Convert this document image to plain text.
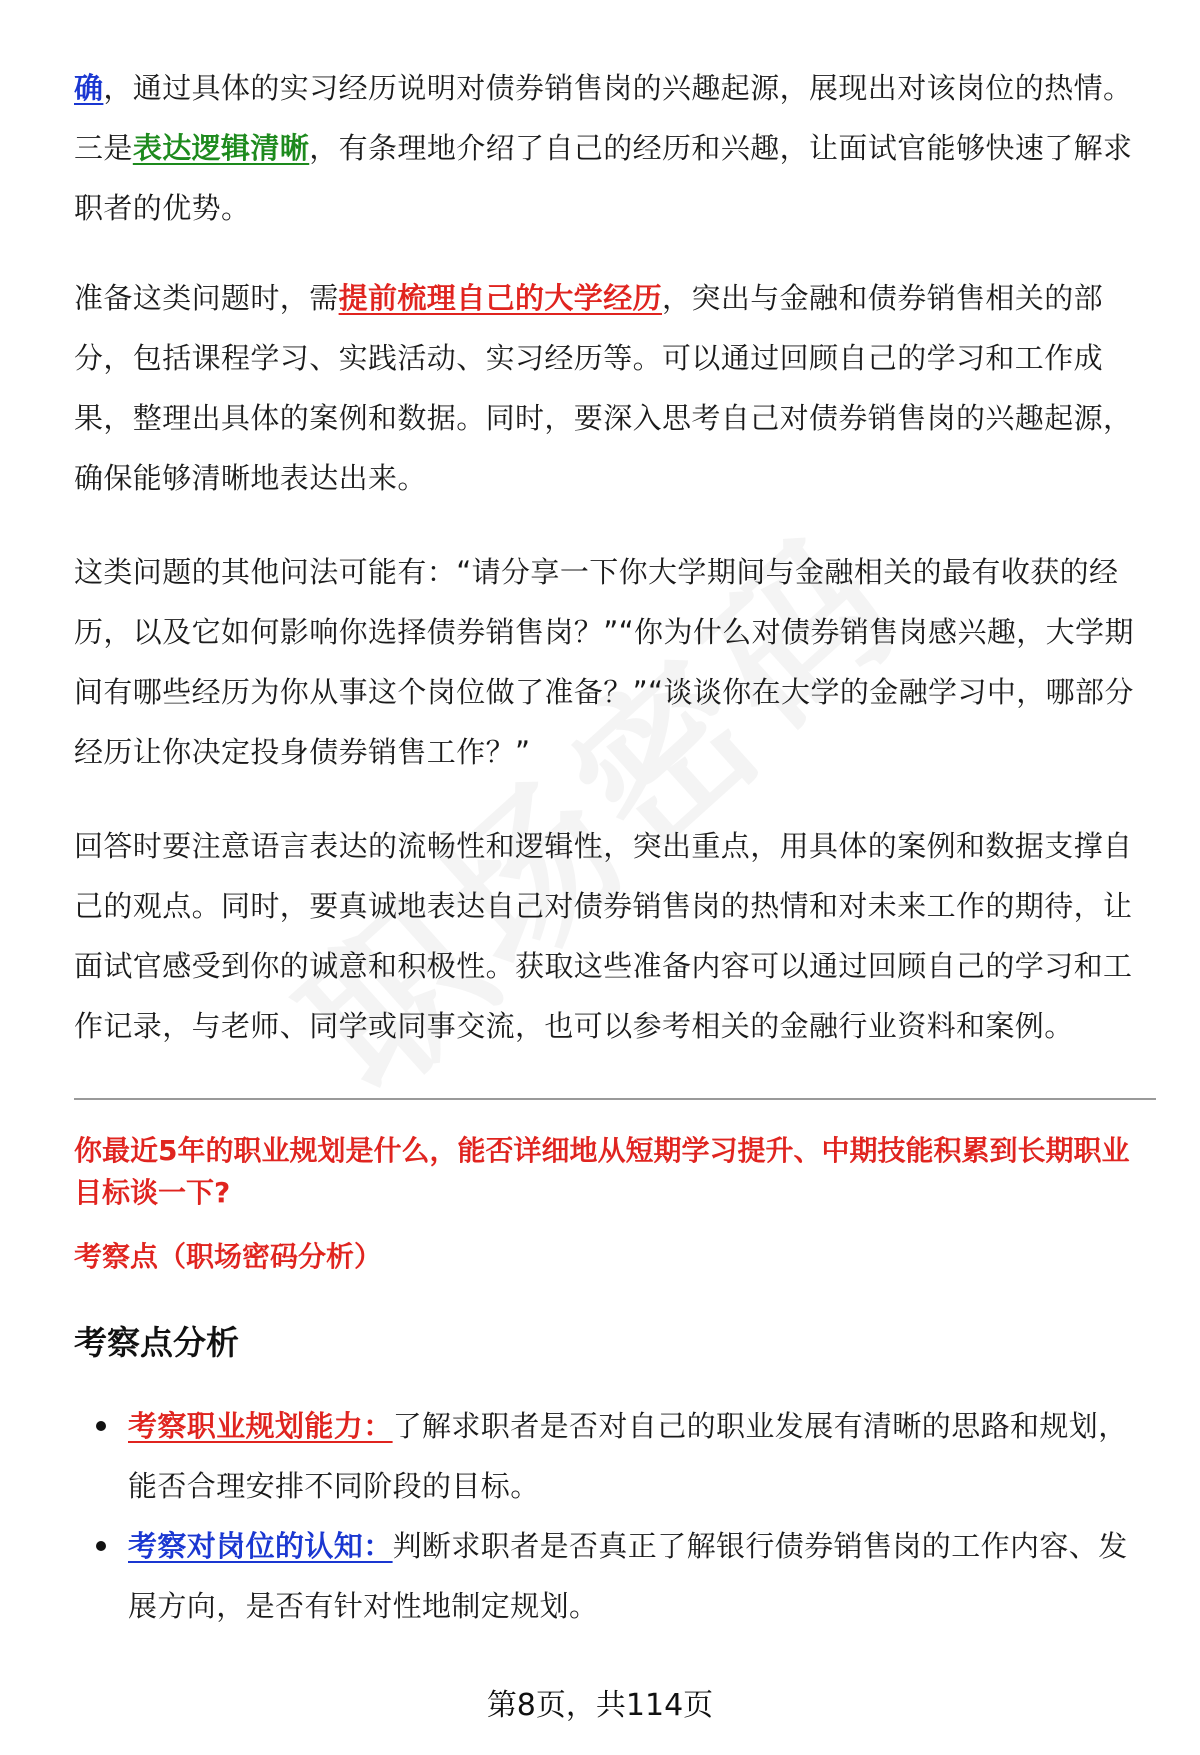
确，通过具体的实习经历说明对债券销售岗的兴趣起源，展现出对该岗位的热情。三是表达逻辑清晰，有条理地介绍了自己的经历和兴趣，让面试官能够快速了解求职者的优势。

准备这类问题时，需提前梳理自己的大学经历，突出与金融和债券销售相关的部分，包括课程学习、实践活动、实习经历等。可以通过回顾自己的学习和工作成果，整理出具体的案例和数据。同时，要深入思考自己对债券销售岗的兴趣起源，确保能够清晰地表达出来。

这类问题的其他问法可能有：“请分享一下你大学期间与金融相关的最有收获的经历，以及它如何影响你选择债券销售岗？”“你为什么对债券销售岗感兴趣，大学期间有哪些经历为你从事这个岗位做了准备？”“谈谈你在大学的金融学习中，哪部分经历让你决定投身债券销售工作？”

回答时要注意语言表达的流畅性和逻辑性，突出重点，用具体的案例和数据支撑自己的观点。同时，要真诚地表达自己对债券销售岗的热情和对未来工作的期待，让面试官感受到你的诚意和积极性。获取这些准备内容可以通过回顾自己的学习和工作记录，与老师、同学或同事交流，也可以参考相关的金融行业资料和案例。

你最近5年的职业规划是什么，能否详细地从短期学习提升、中期技能积累到长期职业目标谈一下?

考察点（职场密码分析）

考察点分析
考察职业规划能力：了解求职者是否对自己的职业发展有清晰的思路和规划，能否合理安排不同阶段的目标。
考察对岗位的认知：判断求职者是否真正了解银行债券销售岗的工作内容、发展方向，是否有针对性地制定规划。
第8页，共114页
